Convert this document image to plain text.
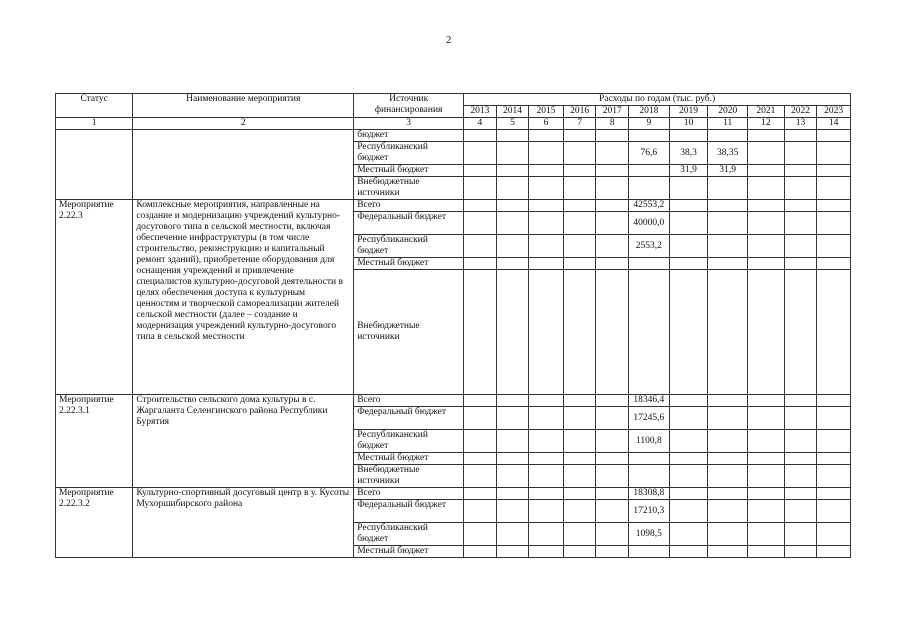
2
Статус	Наименование мероприятия	Источник финансирования	Расходы по годам (тыс. руб.)										
			2013	2014	2015	2016	2017	2018	2019	2020	2021	2022	2023
1	2	3	4	5	6	7	8	9	10	11	12	13	14
		бюджет											
		Республиканский бюджет						76,6	38,3	38,35			
		Местный бюджет							31,9	31,9			
		Внебюджетные источники											
Мероприятие 2.22.3	Комплексные мероприятия, направленные на создание и модернизацию учреждений культурно-досугового типа в сельской местности, включая обеспечение инфраструктуры (в том числе строительство, реконструкцию и капитальный ремонт зданий), приобретение оборудования для оснащения учреждений и привлечение специалистов культурно-досуговой деятельности в целях обеспечения доступа к культурным ценностям и творческой самореализации жителей сельской местности (далее – создание и модернизация учреждений культурно-досугового типа в сельской местности	Всего						42553,2					
		Федеральный бюджет						40000,0					
		Республиканский бюджет						2553,2					
		Местный бюджет											
		Внебюджетные источники											
Мероприятие 2.22.3.1	Строительство сельского дома культуры в с. Жаргаланта Селенгинского района Республики Бурятия	Всего						18346,4					
		Федеральный бюджет						17245,6					
		Республиканский бюджет						1100,8					
		Местный бюджет											
		Внебюджетные источники											
Мероприятие 2.22.3.2	Культурно-спортивный досуговый центр в у. Кусоты Мухоршибирского района	Всего						18308,8					
		Федеральный бюджет						17210,3					
		Республиканский бюджет						1098,5					
		Местный бюджет											
